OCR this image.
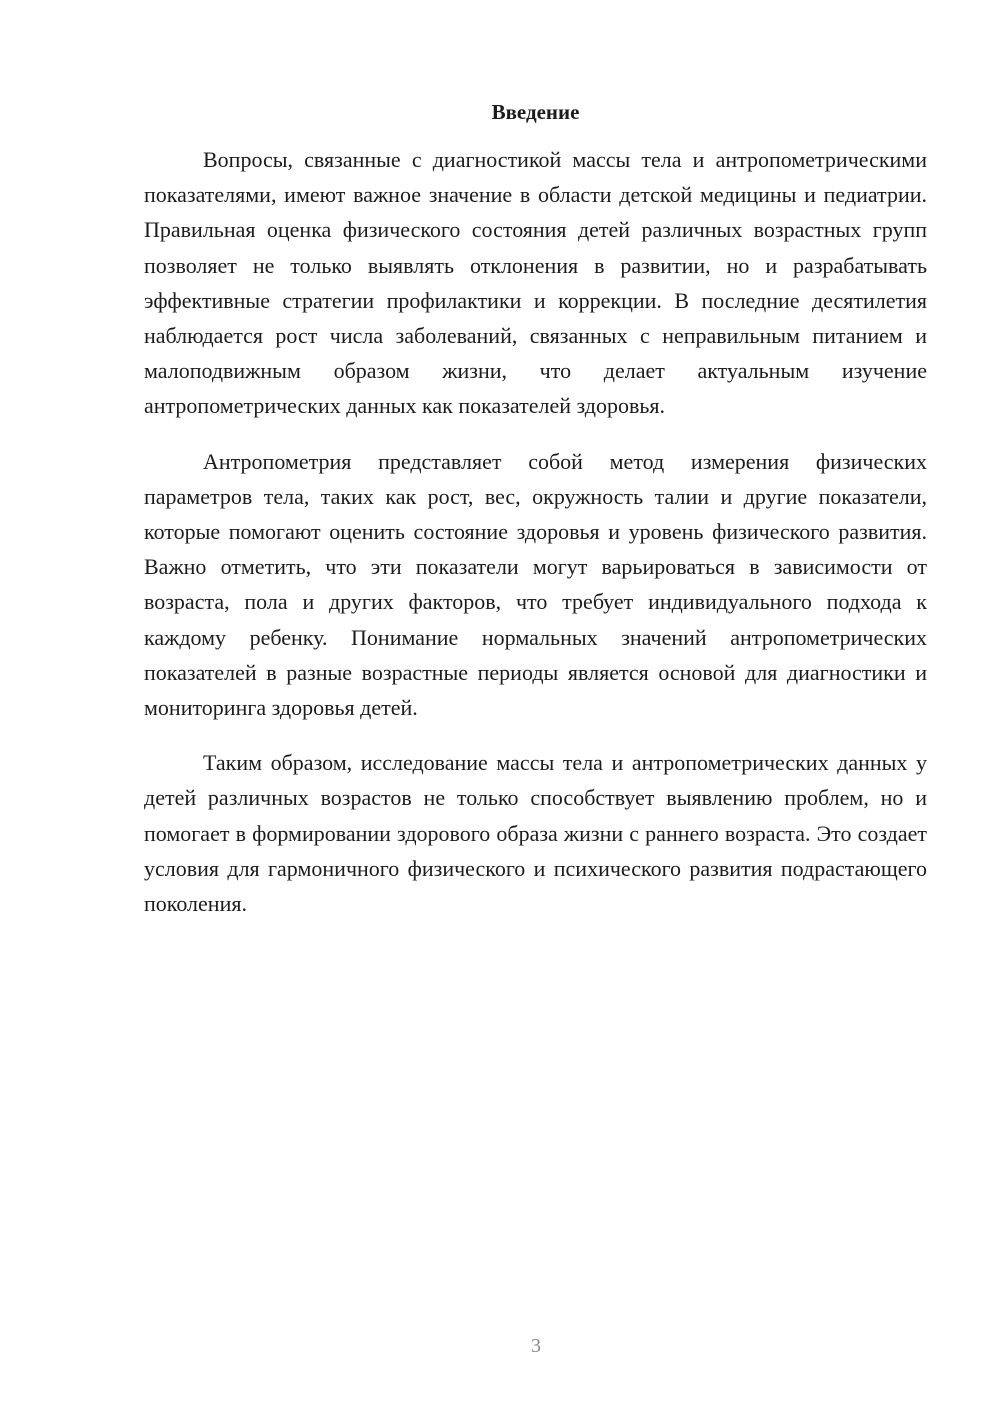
Введение

Вопросы, связанные с диагностикой массы тела и антропометрическими показателями, имеют важное значение в области детской медицины и педиатрии. Правильная оценка физического состояния детей различных возрастных групп позволяет не только выявлять отклонения в развитии, но и разрабатывать эффективные стратегии профилактики и коррекции. В последние десятилетия наблюдается рост числа заболеваний, связанных с неправильным питанием и малоподвижным образом жизни, что делает актуальным изучение антропометрических данных как показателей здоровья.

Антропометрия представляет собой метод измерения физических параметров тела, таких как рост, вес, окружность талии и другие показатели, которые помогают оценить состояние здоровья и уровень физического развития. Важно отметить, что эти показатели могут варьироваться в зависимости от возраста, пола и других факторов, что требует индивидуального подхода к каждому ребенку. Понимание нормальных значений антропометрических показателей в разные возрастные периоды является основой для диагностики и мониторинга здоровья детей.

Таким образом, исследование массы тела и антропометрических данных у детей различных возрастов не только способствует выявлению проблем, но и помогает в формировании здорового образа жизни с раннего возраста. Это создает условия для гармоничного физического и психического развития подрастающего поколения.

3
